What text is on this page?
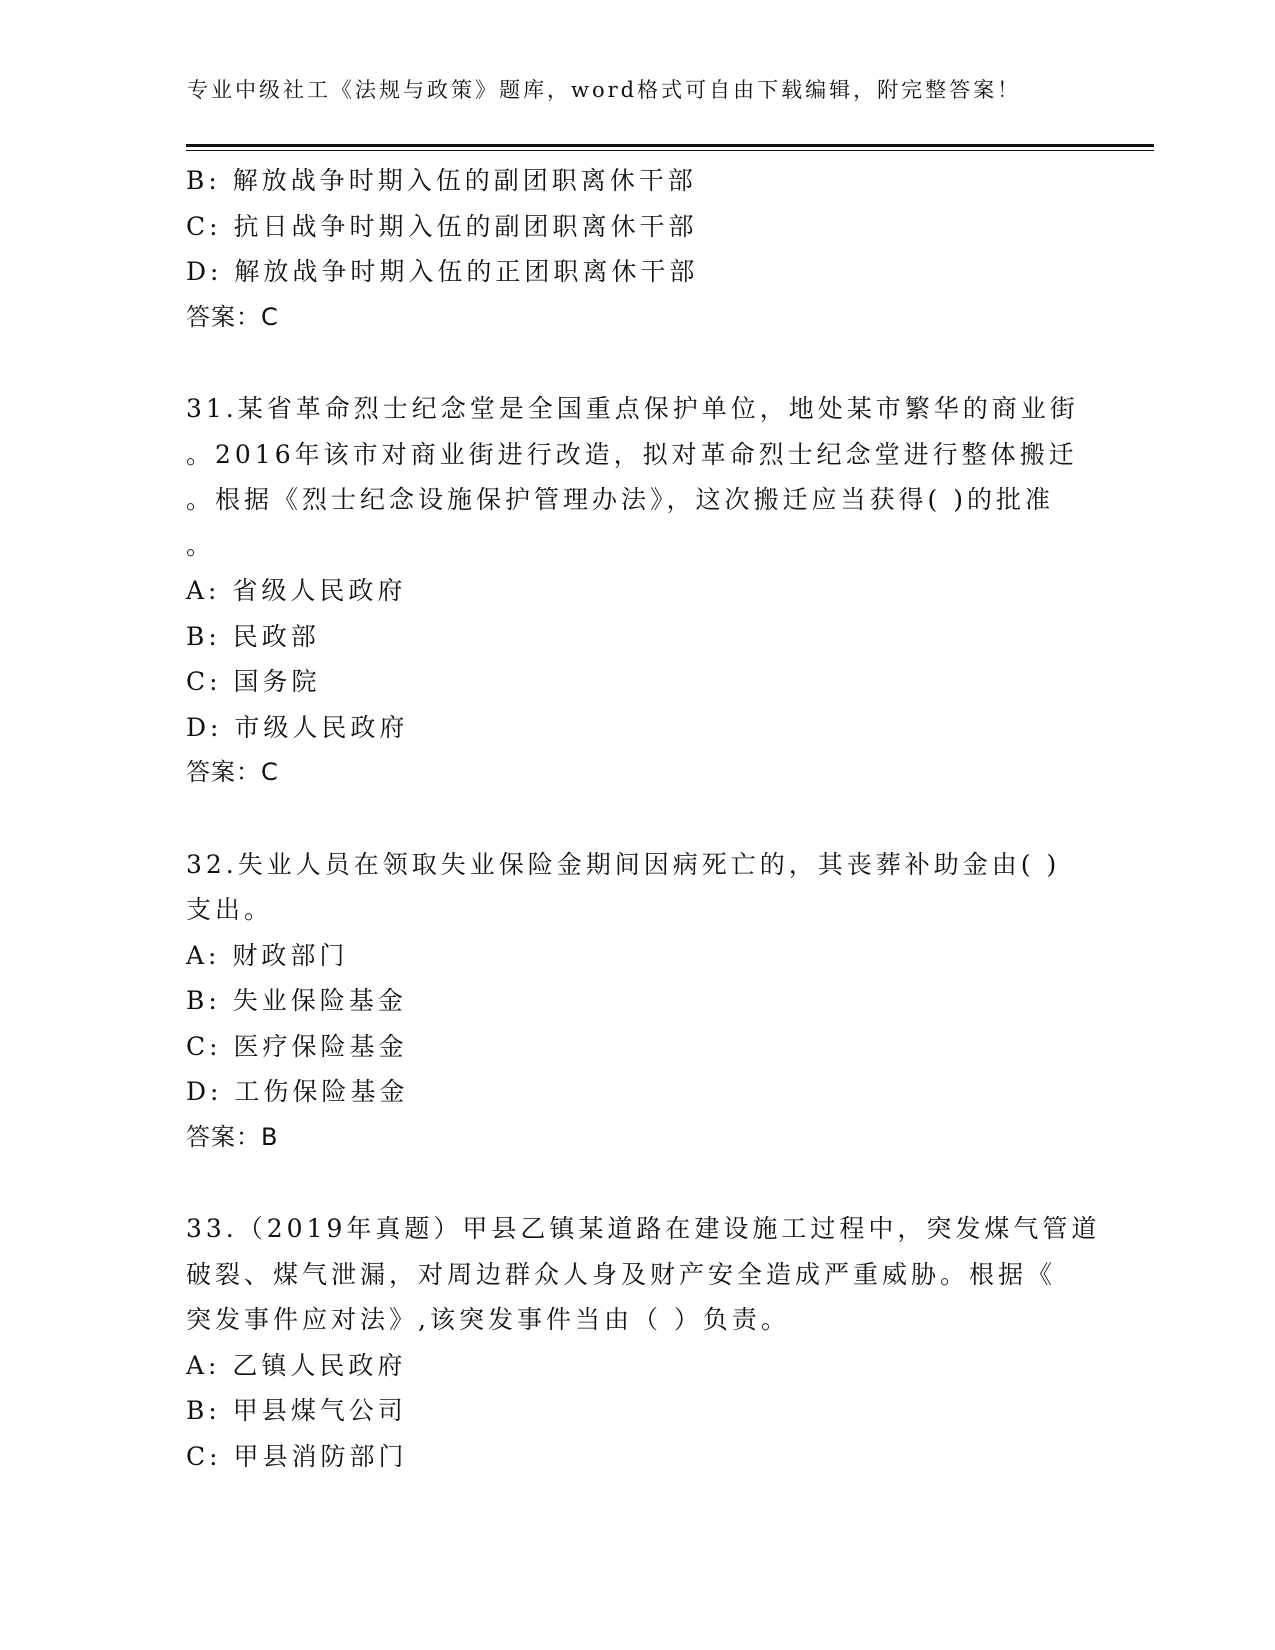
专业中级社工《法规与政策》题库，word格式可自由下载编辑，附完整答案！
B: 解放战争时期入伍的副团职离休干部
C: 抗日战争时期入伍的副团职离休干部
D: 解放战争时期入伍的正团职离休干部
答案：C
31.某省革命烈士纪念堂是全国重点保护单位，地处某市繁华的商业街
。2016年该市对商业街进行改造，拟对革命烈士纪念堂进行整体搬迁
。根据《烈士纪念设施保护管理办法》，这次搬迁应当获得( )的批准
。
A: 省级人民政府
B: 民政部
C: 国务院
D: 市级人民政府
答案：C
32.失业人员在领取失业保险金期间因病死亡的，其丧葬补助金由( )
支出。
A: 财政部门
B: 失业保险基金
C: 医疗保险基金
D: 工伤保险基金
答案：B
33.（2019年真题）甲县乙镇某道路在建设施工过程中，突发煤气管道
破裂、煤气泄漏，对周边群众人身及财产安全造成严重威胁。根据《
突发事件应对法》,该突发事件当由（ ）负责。
A: 乙镇人民政府
B: 甲县煤气公司
C: 甲县消防部门
